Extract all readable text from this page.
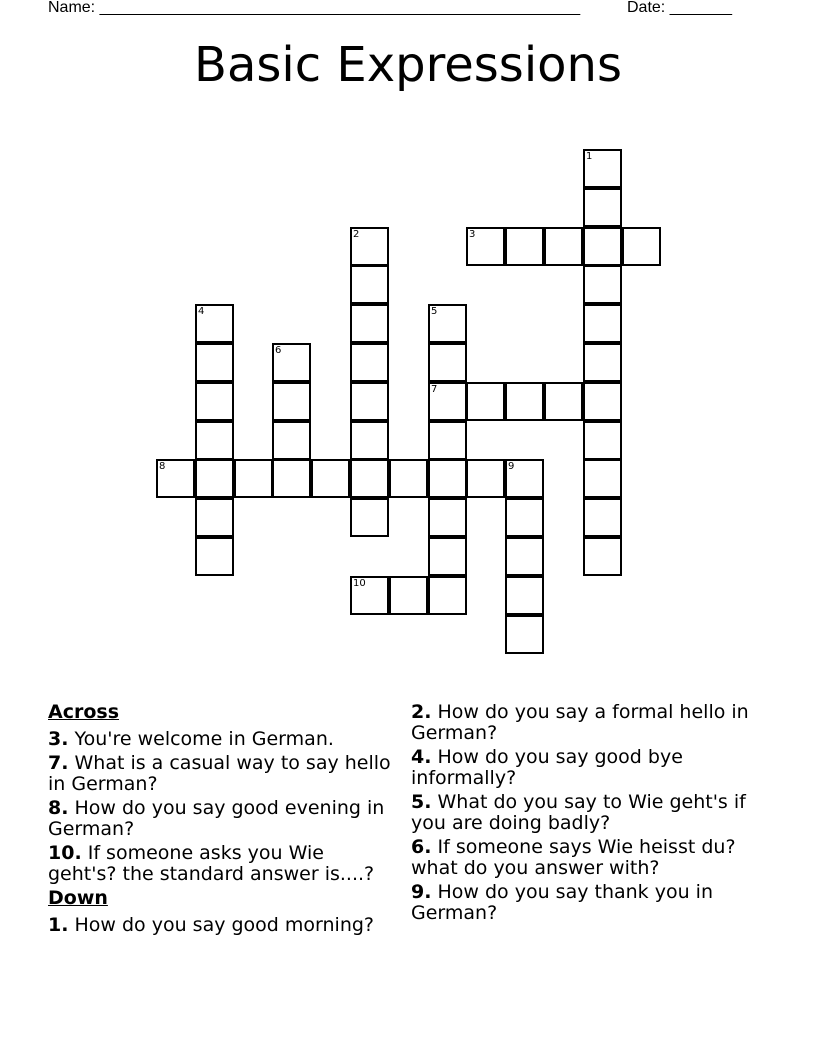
Name: ______________________________________________________	Date: _______
Basic Expressions
1
2	3
4	5
7
6
8	9
10
Across
3. You're welcome in German.
7. What is a casual way to say hello in German?
8. How do you say good evening in German?
10. If someone asks you Wie geht's? the standard answer is....?
Down
1. How do you say good morning?
2. How do you say a formal hello in German?
4. How do you say good bye informally?
5. What do you say to Wie geht's if you are doing badly?
6. If someone says Wie heisst du? what do you answer with?
9. How do you say thank you in German?
